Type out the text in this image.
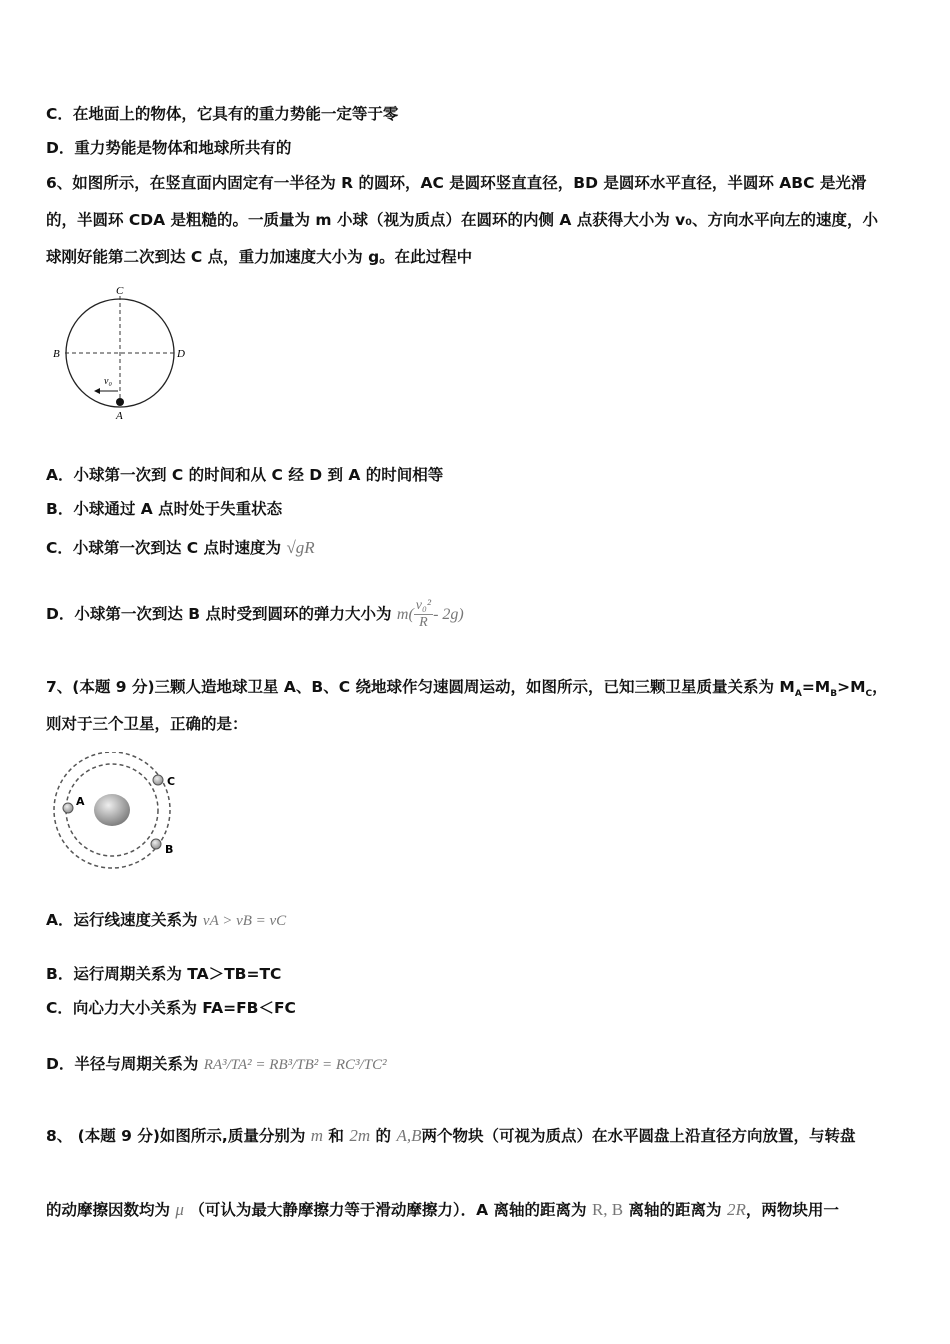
C．在地面上的物体，它具有的重力势能一定等于零
D．重力势能是物体和地球所共有的
6、如图所示，在竖直面内固定有一半径为 R 的圆环，AC 是圆环竖直直径，BD 是圆环水平直径，半圆环 ABC 是光滑
的，半圆环 CDA 是粗糙的。一质量为 m 小球（视为质点）在圆环的内侧 A 点获得大小为 v₀、方向水平向左的速度，小
球刚好能第二次到达 C 点，重力加速度大小为 g。在此过程中
C
B	D
A
v₀
A．小球第一次到 C 的时间和从 C 经 D 到 A 的时间相等
B．小球通过 A 点时处于失重状态
C．小球第一次到达 C 点时速度为 √gR
D．小球第一次到达 B 点时受到圆环的弹力大小为 $m( \frac{\text{v₀²}}{R} - 2g)$
7、(本题 9 分)三颗人造地球卫星 A、B、C 绕地球作匀速圆周运动，如图所示，已知三颗卫星质量关系为 $M_A=M_B>M_C$，
则对于三个卫星，正确的是：
A
C
B
A．运行线速度关系为 vA > vB = vC
B．运行周期关系为 TA＞TB=TC
C．向心力大小关系为 FA=FB＜FC
D．半径与周期关系为 RA³/TA² = RB³/TB² = RC³/TC²
8、 (本题 9 分)如图所示,质量分别为 m 和 2m 的 A,B两个物块（可视为质点）在水平圆盘上沿直径方向放置，与转盘
的动摩擦因数均为 μ （可认为最大静摩擦力等于滑动摩擦力）．A 离轴的距离为 R, B 离轴的距离为 2R，两物块用一
